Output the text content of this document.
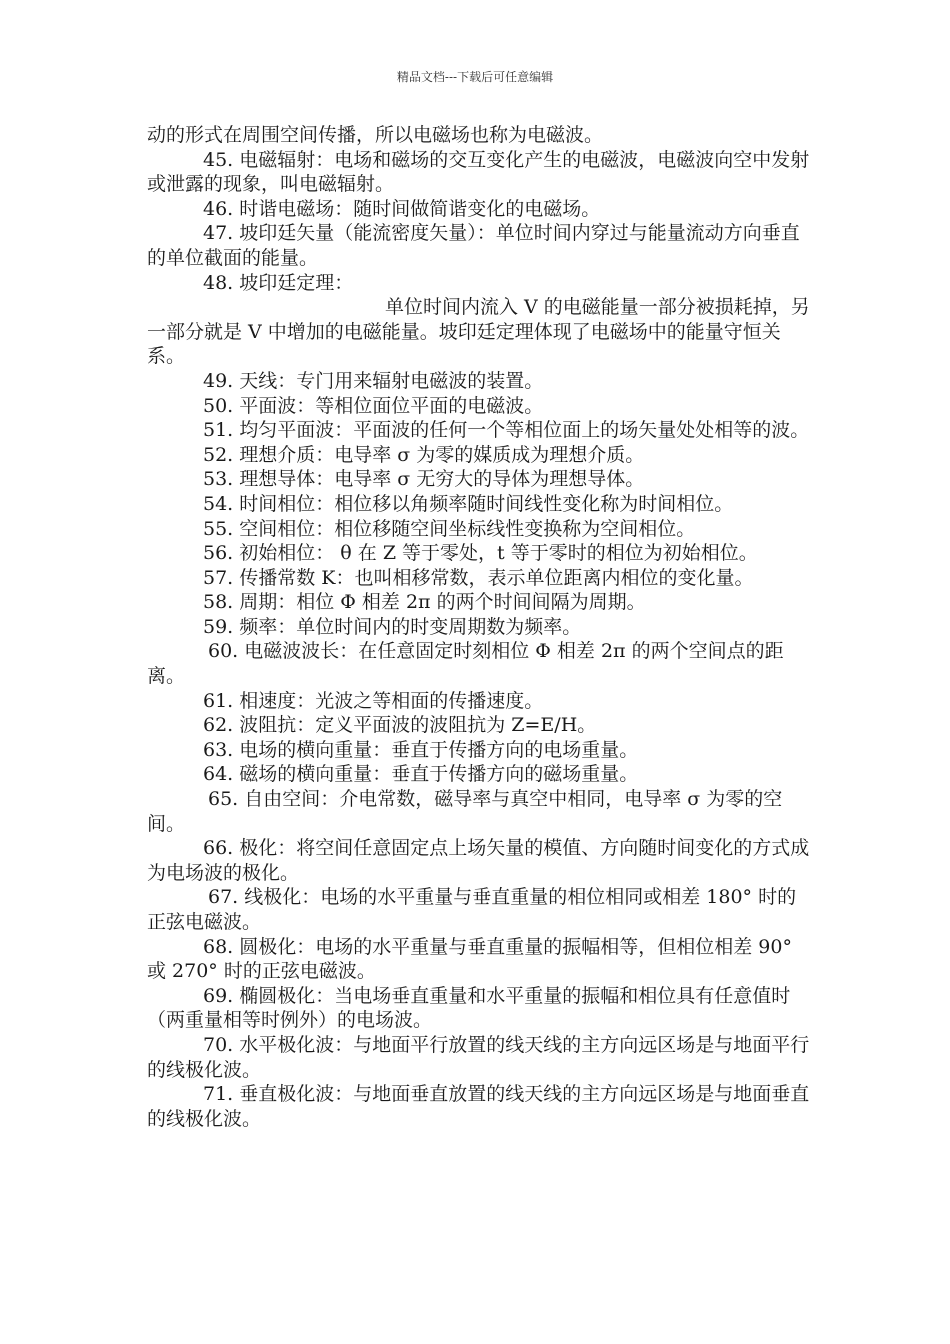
精品文档---下载后可任意编辑

动的形式在周围空间传播，所以电磁场也称为电磁波。

45. 电磁辐射：电场和磁场的交互变化产生的电磁波，电磁波向空中发射或泄露的现象，叫电磁辐射。

46. 时谐电磁场：随时间做简谐变化的电磁场。

47. 坡印廷矢量（能流密度矢量）：单位时间内穿过与能量流动方向垂直的单位截面的能量。

48. 坡印廷定理：

单位时间内流入 V 的电磁能量一部分被损耗掉，另一部分就是 V 中增加的电磁能量。坡印廷定理体现了电磁场中的能量守恒关系。

49. 天线：专门用来辐射电磁波的装置。

50. 平面波：等相位面位平面的电磁波。

51. 均匀平面波：平面波的任何一个等相位面上的场矢量处处相等的波。

52. 理想介质：电导率 σ 为零的媒质成为理想介质。

53. 理想导体：电导率 σ 无穷大的导体为理想导体。

54. 时间相位：相位移以角频率随时间线性变化称为时间相位。

55. 空间相位：相位移随空间坐标线性变换称为空间相位。

56. 初始相位： θ 在 Z 等于零处，t 等于零时的相位为初始相位。

57. 传播常数 K：也叫相移常数，表示单位距离内相位的变化量。

58. 周期：相位 Φ 相差 2π 的两个时间间隔为周期。

59. 频率：单位时间内的时变周期数为频率。

60. 电磁波波长：在任意固定时刻相位 Φ 相差 2π 的两个空间点的距离。

61. 相速度：光波之等相面的传播速度。

62. 波阻抗：定义平面波的波阻抗为 Z=E/H。

63. 电场的横向重量：垂直于传播方向的电场重量。

64. 磁场的横向重量：垂直于传播方向的磁场重量。

65. 自由空间：介电常数，磁导率与真空中相同，电导率 σ 为零的空间。

66. 极化：将空间任意固定点上场矢量的模值、方向随时间变化的方式成为电场波的极化。

67. 线极化：电场的水平重量与垂直重量的相位相同或相差 180° 时的正弦电磁波。

68. 圆极化：电场的水平重量与垂直重量的振幅相等，但相位相差 90° 或 270° 时的正弦电磁波。

69. 椭圆极化：当电场垂直重量和水平重量的振幅和相位具有任意值时（两重量相等时例外）的电场波。

70. 水平极化波：与地面平行放置的线天线的主方向远区场是与地面平行的线极化波。

71. 垂直极化波：与地面垂直放置的线天线的主方向远区场是与地面垂直的线极化波。
